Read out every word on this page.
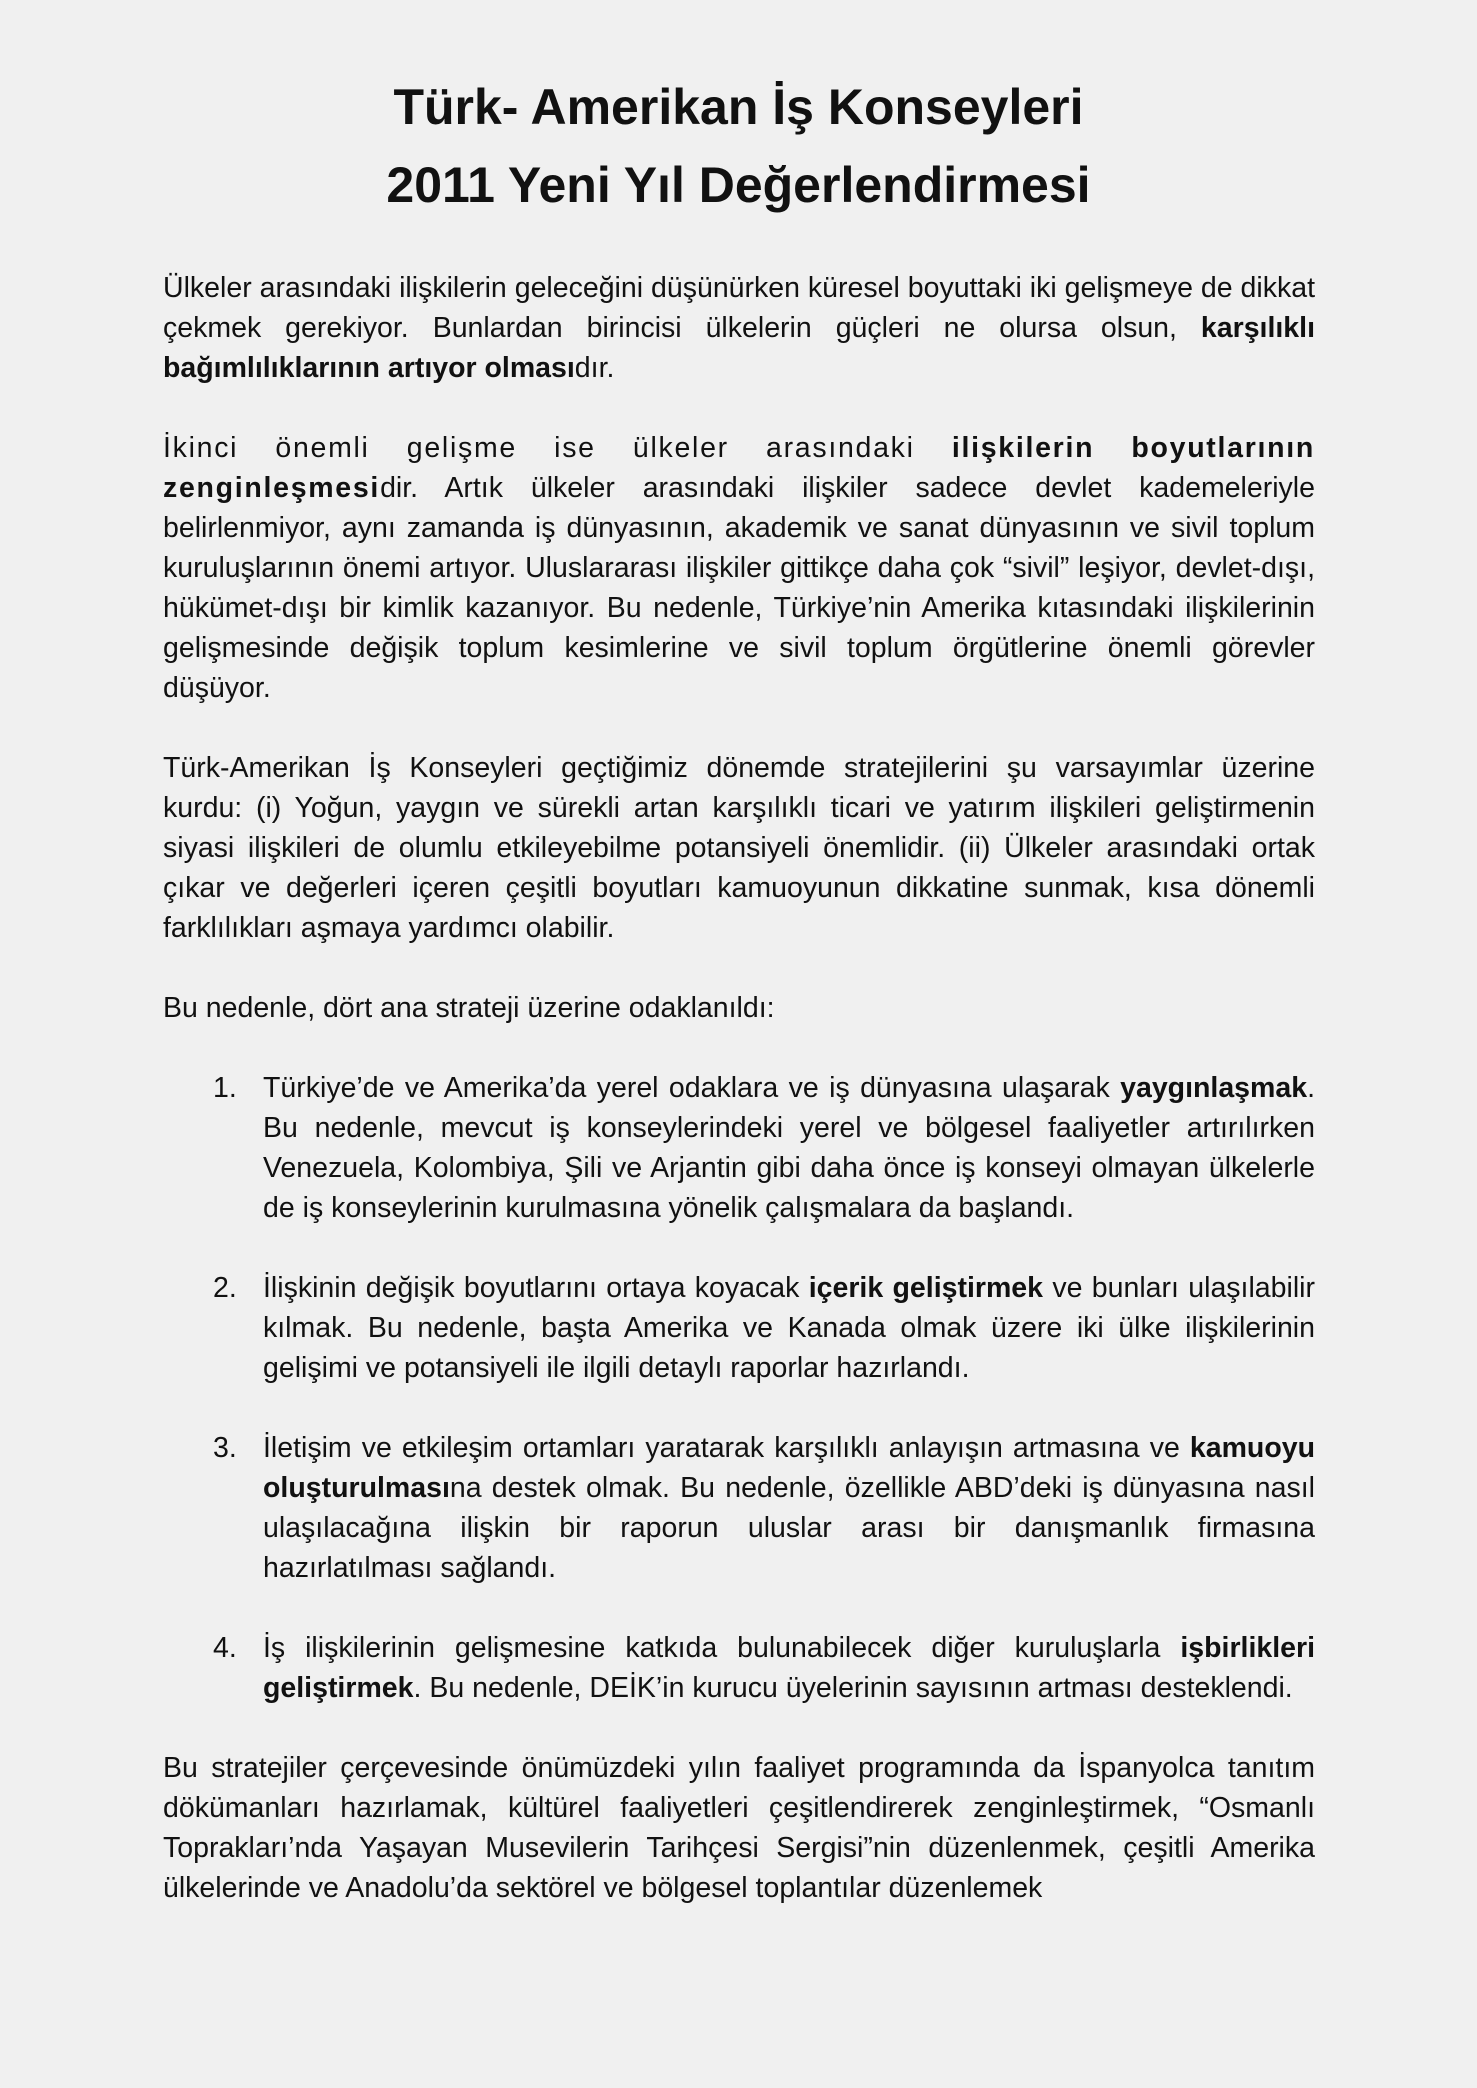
Türk- Amerikan İş Konseyleri
2011 Yeni Yıl Değerlendirmesi

Ülkeler arasındaki ilişkilerin geleceğini düşünürken küresel boyuttaki iki gelişmeye de dikkat çekmek gerekiyor. Bunlardan birincisi ülkelerin güçleri ne olursa olsun, karşılıklı bağımlılıklarının artıyor olmasıdır.

İkinci önemli gelişme ise ülkeler arasındaki ilişkilerin boyutlarının zenginleşmesidir. Artık ülkeler arasındaki ilişkiler sadece devlet kademeleriyle belirlenmiyor, aynı zamanda iş dünyasının, akademik ve sanat dünyasının ve sivil toplum kuruluşlarının önemi artıyor. Uluslararası ilişkiler gittikçe daha çok “sivil” leşiyor, devlet-dışı, hükümet-dışı bir kimlik kazanıyor. Bu nedenle, Türkiye’nin Amerika kıtasındaki ilişkilerinin gelişmesinde değişik toplum kesimlerine ve sivil toplum örgütlerine önemli görevler düşüyor.

Türk-Amerikan İş Konseyleri geçtiğimiz dönemde stratejilerini şu varsayımlar üzerine kurdu: (i) Yoğun, yaygın ve sürekli artan karşılıklı ticari ve yatırım ilişkileri geliştirmenin siyasi ilişkileri de olumlu etkileyebilme potansiyeli önemlidir. (ii) Ülkeler arasındaki ortak çıkar ve değerleri içeren çeşitli boyutları kamuoyunun dikkatine sunmak, kısa dönemli farklılıkları aşmaya yardımcı olabilir.

Bu nedenle, dört ana strateji üzerine odaklanıldı:

1. Türkiye’de ve Amerika’da yerel odaklara ve iş dünyasına ulaşarak yaygınlaşmak. Bu nedenle, mevcut iş konseylerindeki yerel ve bölgesel faaliyetler artırılırken Venezuela, Kolombiya, Şili ve Arjantin gibi daha önce iş konseyi olmayan ülkelerle de iş konseylerinin kurulmasına yönelik çalışmalara da başlandı.
2. İlişkinin değişik boyutlarını ortaya koyacak içerik geliştirmek ve bunları ulaşılabilir kılmak. Bu nedenle, başta Amerika ve Kanada olmak üzere iki ülke ilişkilerinin gelişimi ve potansiyeli ile ilgili detaylı raporlar hazırlandı.
3. İletişim ve etkileşim ortamları yaratarak karşılıklı anlayışın artmasına ve kamuoyu oluşturulmasına destek olmak. Bu nedenle, özellikle ABD’deki iş dünyasına nasıl ulaşılacağına ilişkin bir raporun uluslar arası bir danışmanlık firmasına hazırlatılması sağlandı.
4. İş ilişkilerinin gelişmesine katkıda bulunabilecek diğer kuruluşlarla işbirlikleri geliştirmek. Bu nedenle, DEİK’in kurucu üyelerinin sayısının artması desteklendi.

Bu stratejiler çerçevesinde önümüzdeki yılın faaliyet programında da İspanyolca tanıtım dökümanları hazırlamak, kültürel faaliyetleri çeşitlendirerek zenginleştirmek, “Osmanlı Toprakları’nda Yaşayan Musevilerin Tarihçesi Sergisi”nin düzenlenmek, çeşitli Amerika ülkelerinde ve Anadolu’da sektörel ve bölgesel toplantılar düzenlemek
